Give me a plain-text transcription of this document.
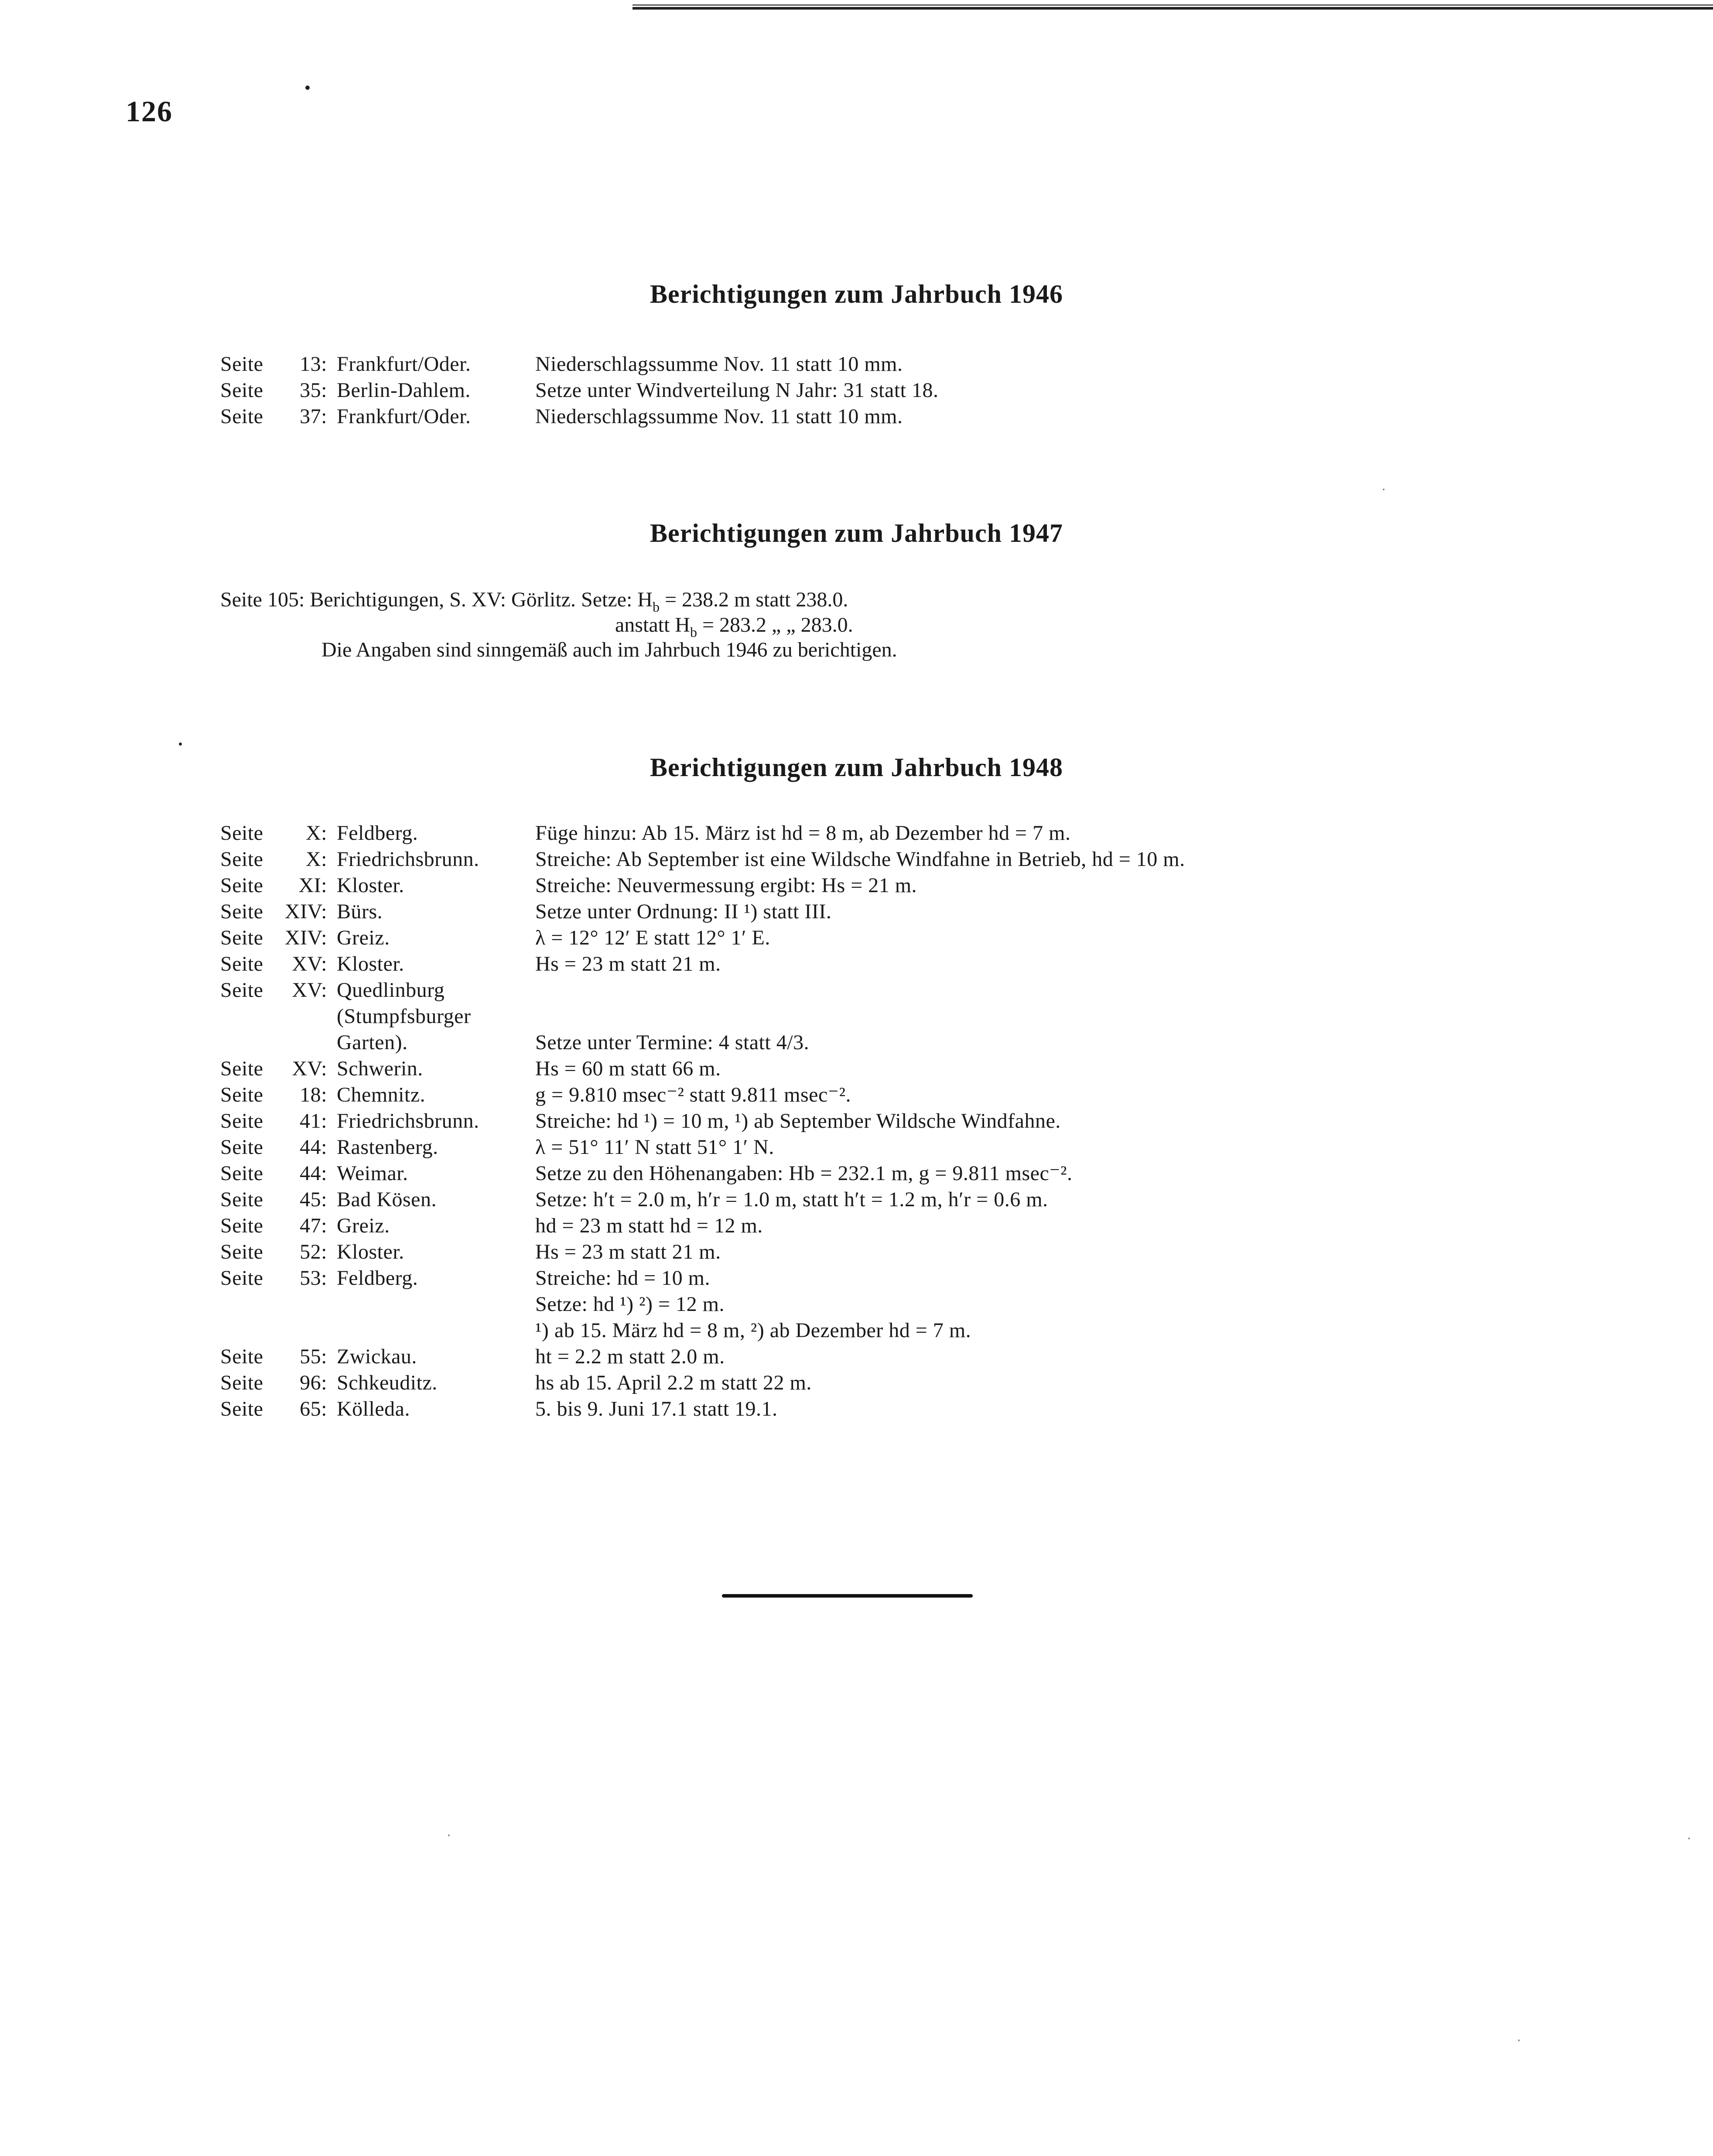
126
Berichtigungen zum Jahrbuch 1946
Seite	13: Frankfurt/Oder.	Niederschlagssumme Nov. 11 statt 10 mm.
Seite	35: Berlin-Dahlem.	Setze unter Windverteilung N Jahr: 31 statt 18.
Seite	37: Frankfurt/Oder.	Niederschlagssumme Nov. 11 statt 10 mm.
Berichtigungen zum Jahrbuch 1947
Seite 105: Berichtigungen, S. XV: Görlitz. Setze: $H_b = 238.2$ m statt 238.0.
anstatt $H_b = 283.2$ „ „ 283.0.
Die Angaben sind sinngemäß auch im Jahrbuch 1946 zu berichtigen.
Berichtigungen zum Jahrbuch 1948
Seite	X: Feldberg.	Füge hinzu: Ab 15. März ist hd = 8 m, ab Dezember hd = 7 m.
Seite	X: Friedrichsbrunn.	Streiche: Ab September ist eine Wildsche Windfahne in Betrieb, hd = 10 m.
Seite	XI: Kloster.	Streiche: Neuvermessung ergibt: Hs = 21 m.
Seite	XIV: Bürs.	Setze unter Ordnung: II ¹) statt III.
Seite	XIV: Greiz.	λ = 12° 12′ E statt 12° 1′ E.
Seite	XV: Kloster.	Hs = 23 m statt 21 m.
Seite	XV: Quedlinburg
(Stumpfsburger
Garten).	Setze unter Termine: 4 statt 4/3.
Seite	XV: Schwerin.	Hs = 60 m statt 66 m.
Seite	18: Chemnitz.	g = 9.810 msec⁻² statt 9.811 msec⁻².
Seite	41: Friedrichsbrunn.	Streiche: hd ¹) = 10 m, ¹) ab September Wildsche Windfahne.
Seite	44: Rastenberg.	λ = 51° 11′ N statt 51° 1′ N.
Seite	44: Weimar.	Setze zu den Höhenangaben: Hb = 232.1 m, g = 9.811 msec⁻².
Seite	45: Bad Kösen.	Setze: h′t = 2.0 m, h′r = 1.0 m, statt h′t = 1.2 m, h′r = 0.6 m.
Seite	47: Greiz.	hd = 23 m statt hd = 12 m.
Seite	52: Kloster.	Hs = 23 m statt 21 m.
Seite	53: Feldberg.	Streiche: hd = 10 m.
Setze: hd ¹) ²) = 12 m.
¹) ab 15. März hd = 8 m, ²) ab Dezember hd = 7 m.
Seite	55: Zwickau.	ht = 2.2 m statt 2.0 m.
Seite	96: Schkeuditz.	hs ab 15. April 2.2 m statt 22 m.
Seite	65: Kölleda.	5. bis 9. Juni 17.1 statt 19.1.
